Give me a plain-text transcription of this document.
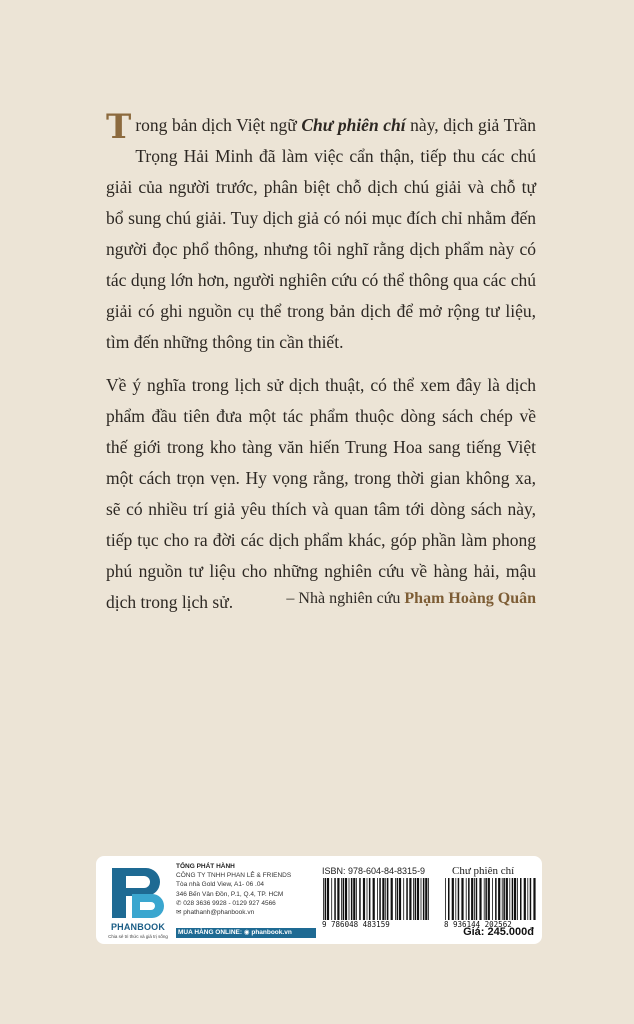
Trong bản dịch Việt ngữ Chư phiên chí này, dịch giả Trần Trọng Hải Minh đã làm việc cẩn thận, tiếp thu các chú giải của người trước, phân biệt chỗ dịch chú giải và chỗ tự bổ sung chú giải. Tuy dịch giả có nói mục đích chỉ nhằm đến người đọc phổ thông, nhưng tôi nghĩ rằng dịch phẩm này có tác dụng lớn hơn, người nghiên cứu có thể thông qua các chú giải có ghi nguồn cụ thể trong bản dịch để mở rộng tư liệu, tìm đến những thông tin cần thiết.

Về ý nghĩa trong lịch sử dịch thuật, có thể xem đây là dịch phẩm đầu tiên đưa một tác phẩm thuộc dòng sách chép về thế giới trong kho tàng văn hiến Trung Hoa sang tiếng Việt một cách trọn vẹn. Hy vọng rằng, trong thời gian không xa, sẽ có nhiều trí giả yêu thích và quan tâm tới dòng sách này, tiếp tục cho ra đời các dịch phẩm khác, góp phần làm phong phú nguồn tư liệu cho những nghiên cứu về hàng hải, mậu dịch trong lịch sử.	– Nhà nghiên cứu Phạm Hoàng Quân
PHANBOOK
Chia sẻ tri thức và giá trị sống
TỔNG PHÁT HÀNH
CÔNG TY TNHH PHAN LÊ & FRIENDS
Tòa nhà Gold View, A1- 06 .04
346 Bến Vân Đồn, P.1, Q.4, TP. HCM
✆ 028 3636 9928 - 0129 927 4566
✉ phathanh@phanbook.vn
MUA HÀNG ONLINE: ◉ phanbook.vn
ISBN: 978-604-84-8315-9 Chư phiên chí
9 786048 483159	8 936144 202562
Giá: 245.000đ
